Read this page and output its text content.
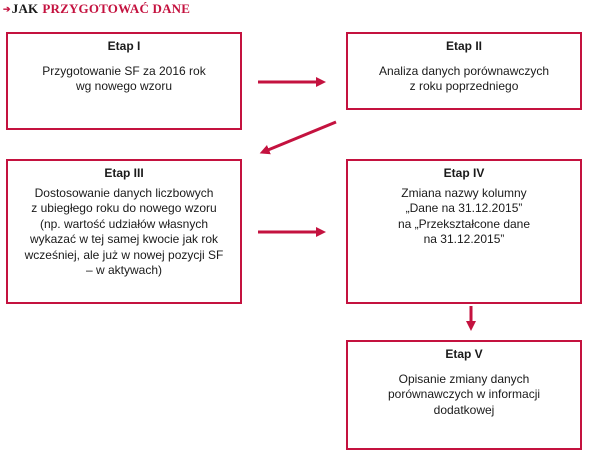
➔ JAK PRZYGOTOWAĆ DANE
Etap I
Przygotowanie SF za 2016 rok
wg nowego wzoru
Etap II
Analiza danych porównawczych
z roku poprzedniego
Etap III
Dostosowanie danych liczbowych
z ubiegłego roku do nowego wzoru
(np. wartość udziałów własnych
wykazać w tej samej kwocie jak rok
wcześniej, ale już w nowej pozycji SF
– w aktywach)
Etap IV
Zmiana nazwy kolumny
„Dane na 31.12.2015”
na „Przekształcone dane
na 31.12.2015”
Etap V
Opisanie zmiany danych
porównawczych w informacji
dodatkowej
